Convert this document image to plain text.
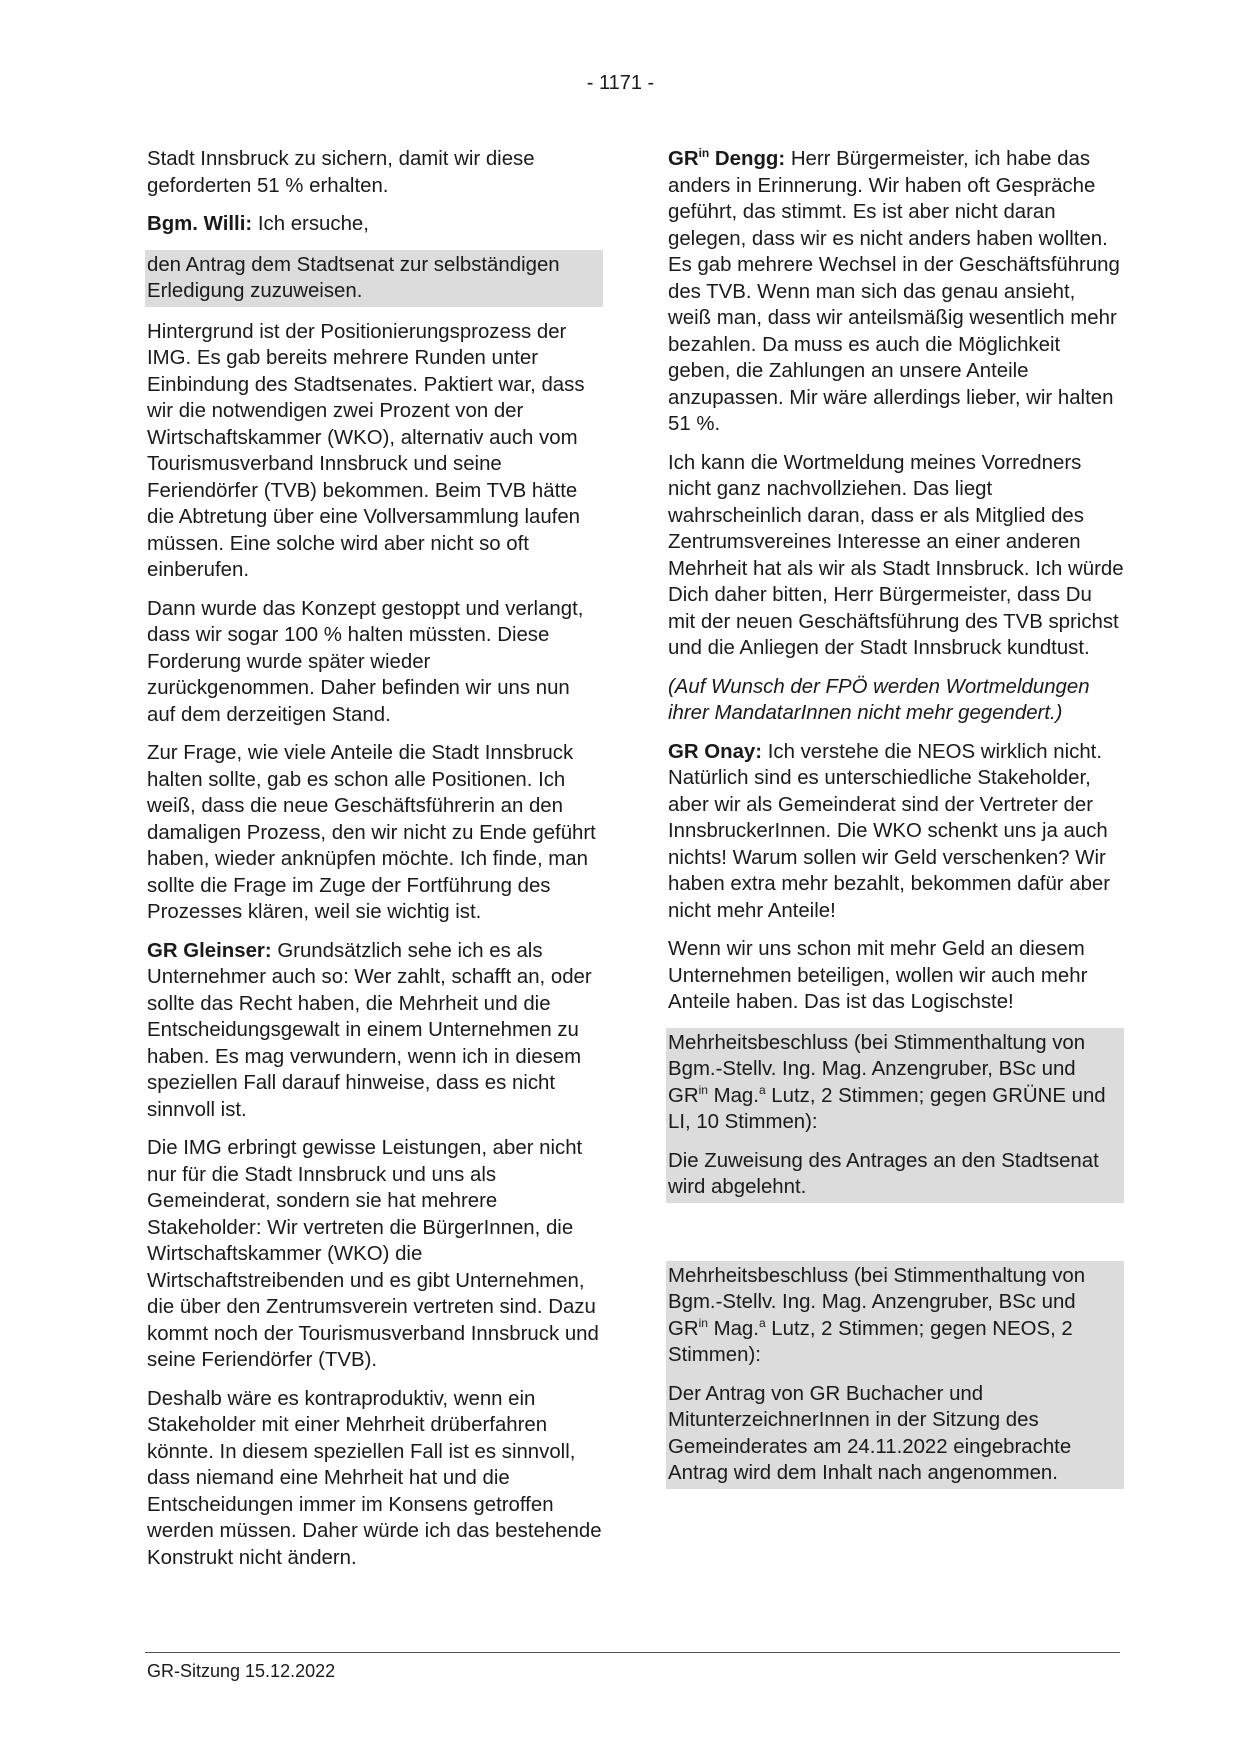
- 1171 -

Stadt Innsbruck zu sichern, damit wir diese geforderten 51 % erhalten.

Bgm. Willi: Ich ersuche,

den Antrag dem Stadtsenat zur selbständigen Erledigung zuzuweisen.

Hintergrund ist der Positionierungsprozess der IMG. Es gab bereits mehrere Runden unter Einbindung des Stadtsenates. Paktiert war, dass wir die notwendigen zwei Prozent von der Wirtschaftskammer (WKO), alternativ auch vom Tourismusverband Innsbruck und seine Feriendörfer (TVB) bekommen. Beim TVB hätte die Abtretung über eine Vollversammlung laufen müssen. Eine solche wird aber nicht so oft einberufen.

Dann wurde das Konzept gestoppt und verlangt, dass wir sogar 100 % halten müssten. Diese Forderung wurde später wieder zurückgenommen. Daher befinden wir uns nun auf dem derzeitigen Stand.

Zur Frage, wie viele Anteile die Stadt Innsbruck halten sollte, gab es schon alle Positionen. Ich weiß, dass die neue Geschäftsführerin an den damaligen Prozess, den wir nicht zu Ende geführt haben, wieder anknüpfen möchte. Ich finde, man sollte die Frage im Zuge der Fortführung des Prozesses klären, weil sie wichtig ist.

GR Gleinser: Grundsätzlich sehe ich es als Unternehmer auch so: Wer zahlt, schafft an, oder sollte das Recht haben, die Mehrheit und die Entscheidungsgewalt in einem Unternehmen zu haben. Es mag verwundern, wenn ich in diesem speziellen Fall darauf hinweise, dass es nicht sinnvoll ist.

Die IMG erbringt gewisse Leistungen, aber nicht nur für die Stadt Innsbruck und uns als Gemeinderat, sondern sie hat mehrere Stakeholder: Wir vertreten die BürgerInnen, die Wirtschaftskammer (WKO) die Wirtschaftstreibenden und es gibt Unternehmen, die über den Zentrumsverein vertreten sind. Dazu kommt noch der Tourismusverband Innsbruck und seine Feriendörfer (TVB).

Deshalb wäre es kontraproduktiv, wenn ein Stakeholder mit einer Mehrheit drüberfahren könnte. In diesem speziellen Fall ist es sinnvoll, dass niemand eine Mehrheit hat und die Entscheidungen immer im Konsens getroffen werden müssen. Daher würde ich das bestehende Konstrukt nicht ändern.

$GR^{in}$ Dengg: Herr Bürgermeister, ich habe das anders in Erinnerung. Wir haben oft Gespräche geführt, das stimmt. Es ist aber nicht daran gelegen, dass wir es nicht anders haben wollten. Es gab mehrere Wechsel in der Geschäftsführung des TVB. Wenn man sich das genau ansieht, weiß man, dass wir anteilsmäßig wesentlich mehr bezahlen. Da muss es auch die Möglichkeit geben, die Zahlungen an unsere Anteile anzupassen. Mir wäre allerdings lieber, wir halten 51 %.

Ich kann die Wortmeldung meines Vorredners nicht ganz nachvollziehen. Das liegt wahrscheinlich daran, dass er als Mitglied des Zentrumsvereines Interesse an einer anderen Mehrheit hat als wir als Stadt Innsbruck. Ich würde Dich daher bitten, Herr Bürgermeister, dass Du mit der neuen Geschäftsführung des TVB sprichst und die Anliegen der Stadt Innsbruck kundtust.

(Auf Wunsch der FPÖ werden Wortmeldungen ihrer MandatarInnen nicht mehr gegendert.)

GR Onay: Ich verstehe die NEOS wirklich nicht. Natürlich sind es unterschiedliche Stakeholder, aber wir als Gemeinderat sind der Vertreter der InnsbruckerInnen. Die WKO schenkt uns ja auch nichts! Warum sollen wir Geld verschenken? Wir haben extra mehr bezahlt, bekommen dafür aber nicht mehr Anteile!

Wenn wir uns schon mit mehr Geld an diesem Unternehmen beteiligen, wollen wir auch mehr Anteile haben. Das ist das Logischste!

Mehrheitsbeschluss (bei Stimmenthaltung von Bgm.-Stellv. Ing. Mag. Anzengruber, BSc und $GR^{in}$ Mag.$^a$ Lutz, 2 Stimmen; gegen GRÜNE und LI, 10 Stimmen):

Die Zuweisung des Antrages an den Stadtsenat wird abgelehnt.

Mehrheitsbeschluss (bei Stimmenthaltung von Bgm.-Stellv. Ing. Mag. Anzengruber, BSc und $GR^{in}$ Mag.$^a$ Lutz, 2 Stimmen; gegen NEOS, 2 Stimmen):

Der Antrag von GR Buchacher und MitunterzeichnerInnen in der Sitzung des Gemeinderates am 24.11.2022 eingebrachte Antrag wird dem Inhalt nach angenommen.

GR-Sitzung 15.12.2022
